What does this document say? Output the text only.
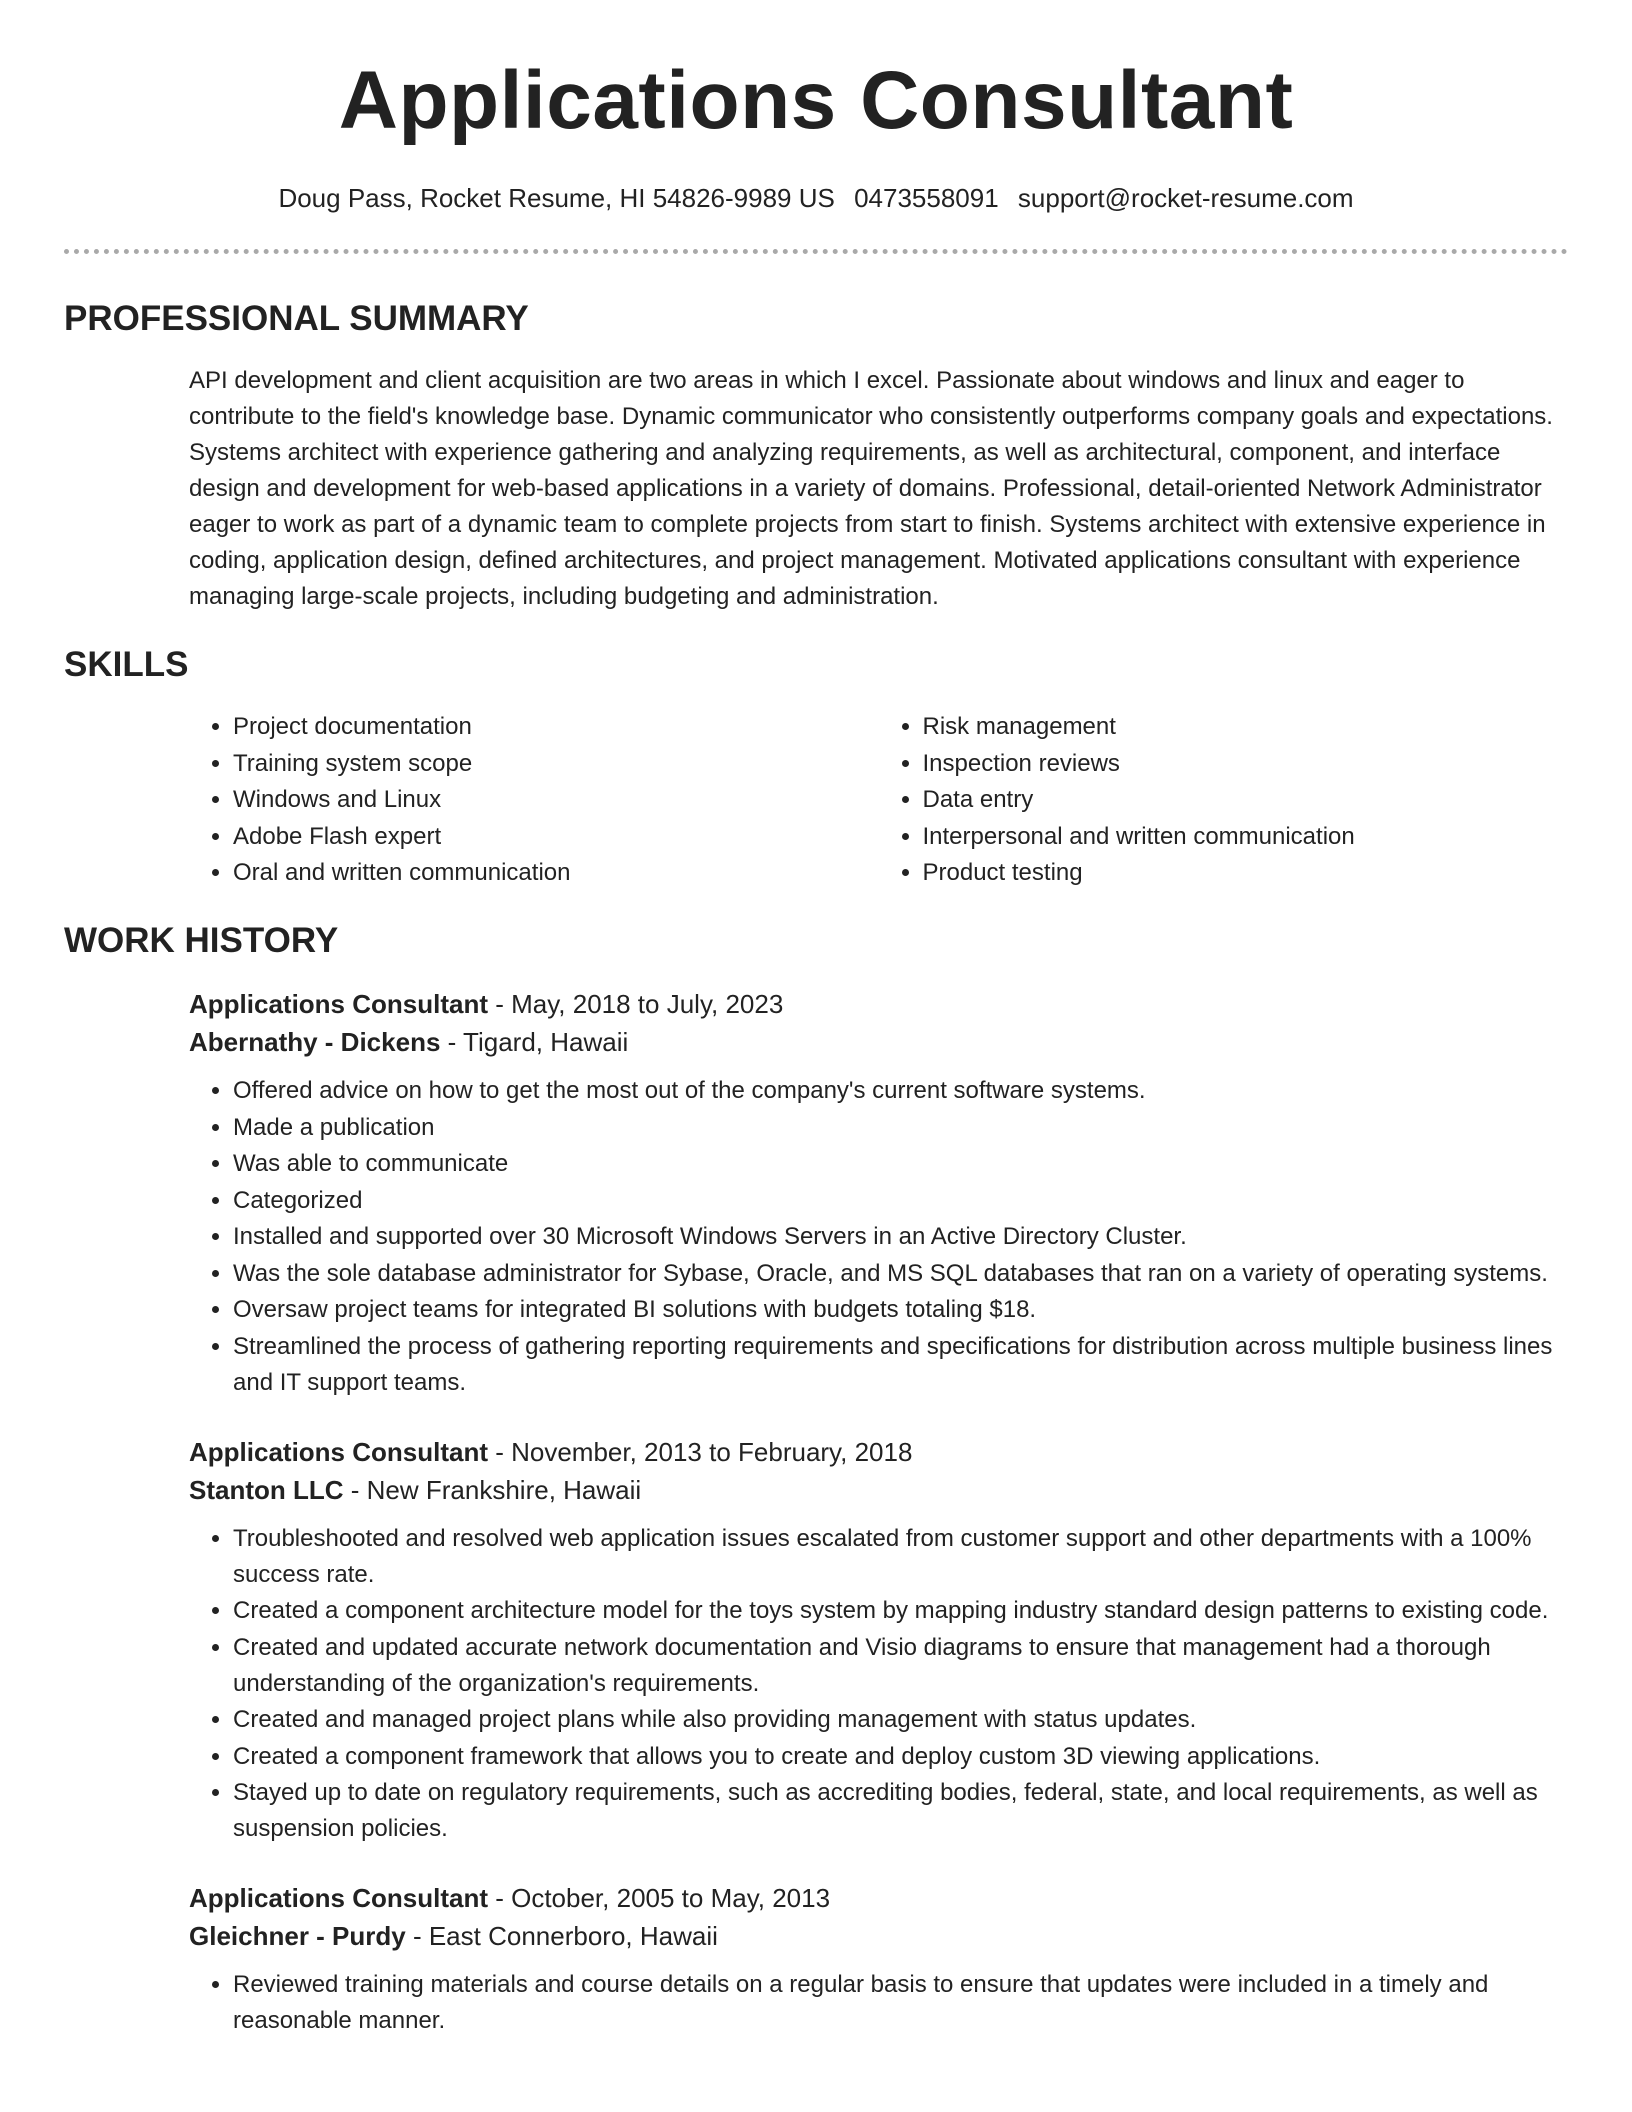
Applications Consultant
Doug Pass, Rocket Resume, HI 54826-9989 US 0473558091 support@rocket-resume.com
PROFESSIONAL SUMMARY
API development and client acquisition are two areas in which I excel. Passionate about windows and linux and eager to contribute to the field's knowledge base. Dynamic communicator who consistently outperforms company goals and expectations. Systems architect with experience gathering and analyzing requirements, as well as architectural, component, and interface design and development for web-based applications in a variety of domains. Professional, detail-oriented Network Administrator eager to work as part of a dynamic team to complete projects from start to finish. Systems architect with extensive experience in coding, application design, defined architectures, and project management. Motivated applications consultant with experience managing large-scale projects, including budgeting and administration.
SKILLS
• Project documentation
• Training system scope
• Windows and Linux
• Adobe Flash expert
• Oral and written communication
• Risk management
• Inspection reviews
• Data entry
• Interpersonal and written communication
• Product testing
WORK HISTORY
Applications Consultant - May, 2018 to July, 2023
Abernathy - Dickens - Tigard, Hawaii
• Offered advice on how to get the most out of the company's current software systems.
• Made a publication
• Was able to communicate
• Categorized
• Installed and supported over 30 Microsoft Windows Servers in an Active Directory Cluster.
• Was the sole database administrator for Sybase, Oracle, and MS SQL databases that ran on a variety of operating systems.
• Oversaw project teams for integrated BI solutions with budgets totaling $18.
• Streamlined the process of gathering reporting requirements and specifications for distribution across multiple business lines and IT support teams.
Applications Consultant - November, 2013 to February, 2018
Stanton LLC - New Frankshire, Hawaii
• Troubleshooted and resolved web application issues escalated from customer support and other departments with a 100% success rate.
• Created a component architecture model for the toys system by mapping industry standard design patterns to existing code.
• Created and updated accurate network documentation and Visio diagrams to ensure that management had a thorough understanding of the organization's requirements.
• Created and managed project plans while also providing management with status updates.
• Created a component framework that allows you to create and deploy custom 3D viewing applications.
• Stayed up to date on regulatory requirements, such as accrediting bodies, federal, state, and local requirements, as well as suspension policies.
Applications Consultant - October, 2005 to May, 2013
Gleichner - Purdy - East Connerboro, Hawaii
• Reviewed training materials and course details on a regular basis to ensure that updates were included in a timely and reasonable manner.
